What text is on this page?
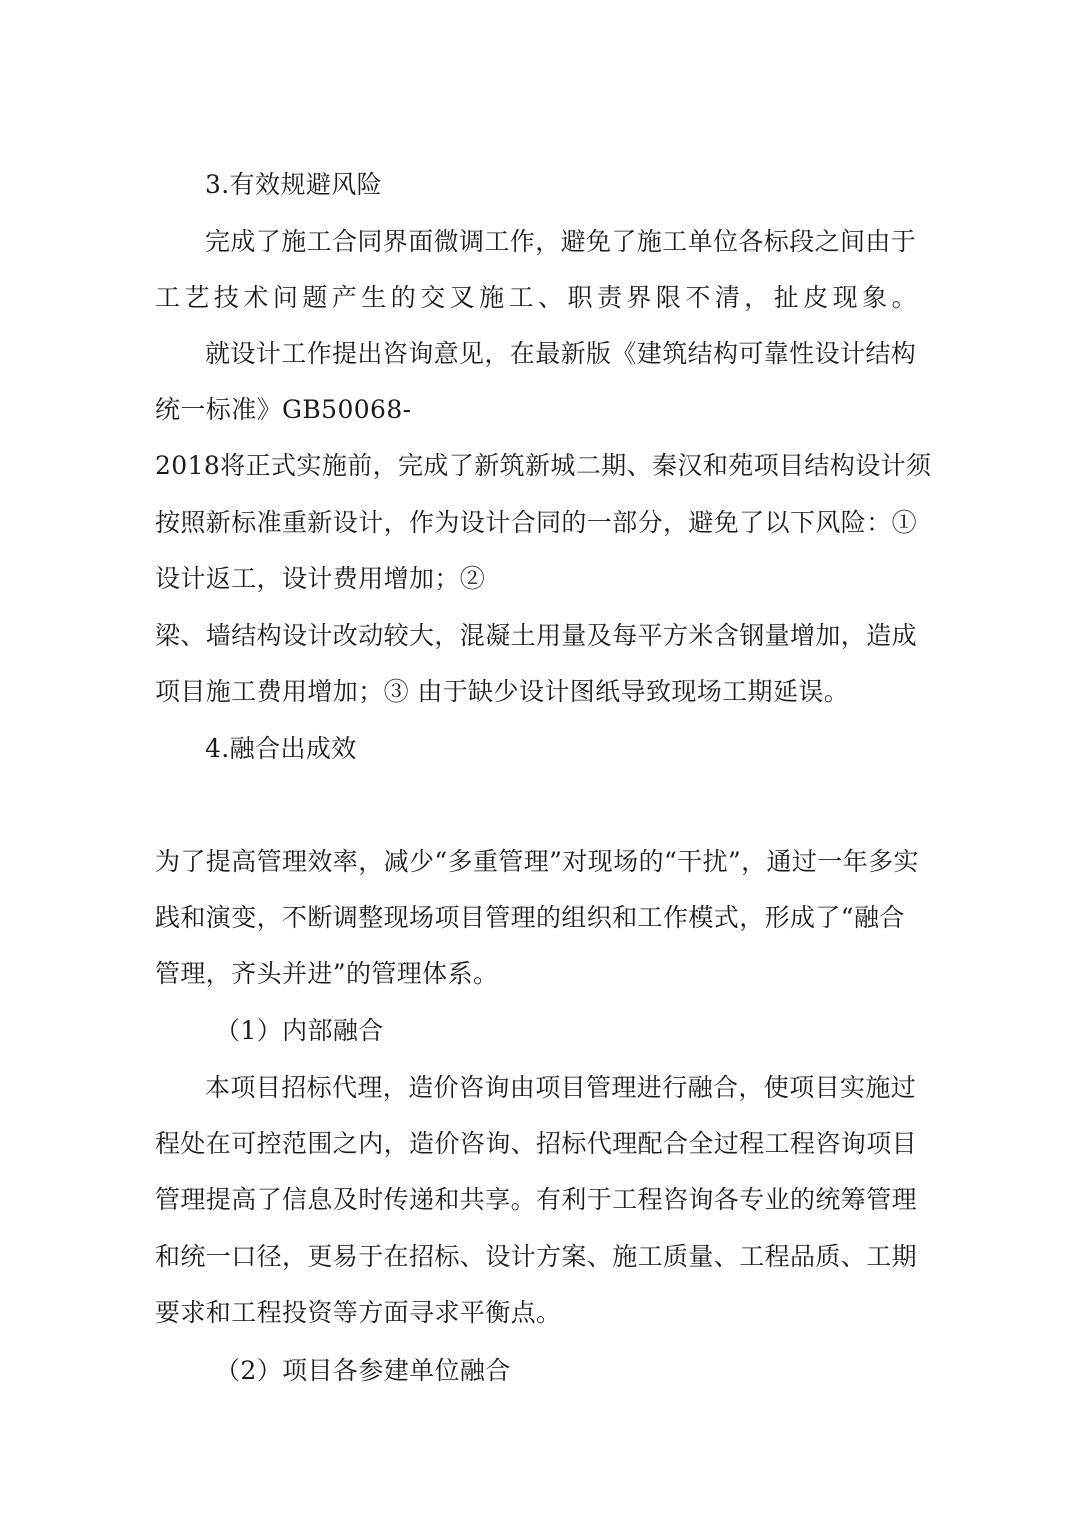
3.有效规避风险
完成了施工合同界面微调工作，避免了施工单位各标段之间由于
工艺技术问题产生的交叉施工、职责界限不清，扯皮现象。
就设计工作提出咨询意见，在最新版《建筑结构可靠性设计结构
统一标准》GB50068-
2018将正式实施前，完成了新筑新城二期、秦汉和苑项目结构设计须
按照新标准重新设计，作为设计合同的一部分，避免了以下风险：①
设计返工，设计费用增加；②
梁、墙结构设计改动较大，混凝土用量及每平方米含钢量增加，造成
项目施工费用增加；③ 由于缺少设计图纸导致现场工期延误。
4.融合出成效
为了提高管理效率，减少“多重管理”对现场的“干扰”，通过一年多实
践和演变，不断调整现场项目管理的组织和工作模式，形成了“融合
管理，齐头并进”的管理体系。
（1）内部融合
本项目招标代理，造价咨询由项目管理进行融合，使项目实施过
程处在可控范围之内，造价咨询、招标代理配合全过程工程咨询项目
管理提高了信息及时传递和共享。有利于工程咨询各专业的统筹管理
和统一口径，更易于在招标、设计方案、施工质量、工程品质、工期
要求和工程投资等方面寻求平衡点。
（2）项目各参建单位融合
